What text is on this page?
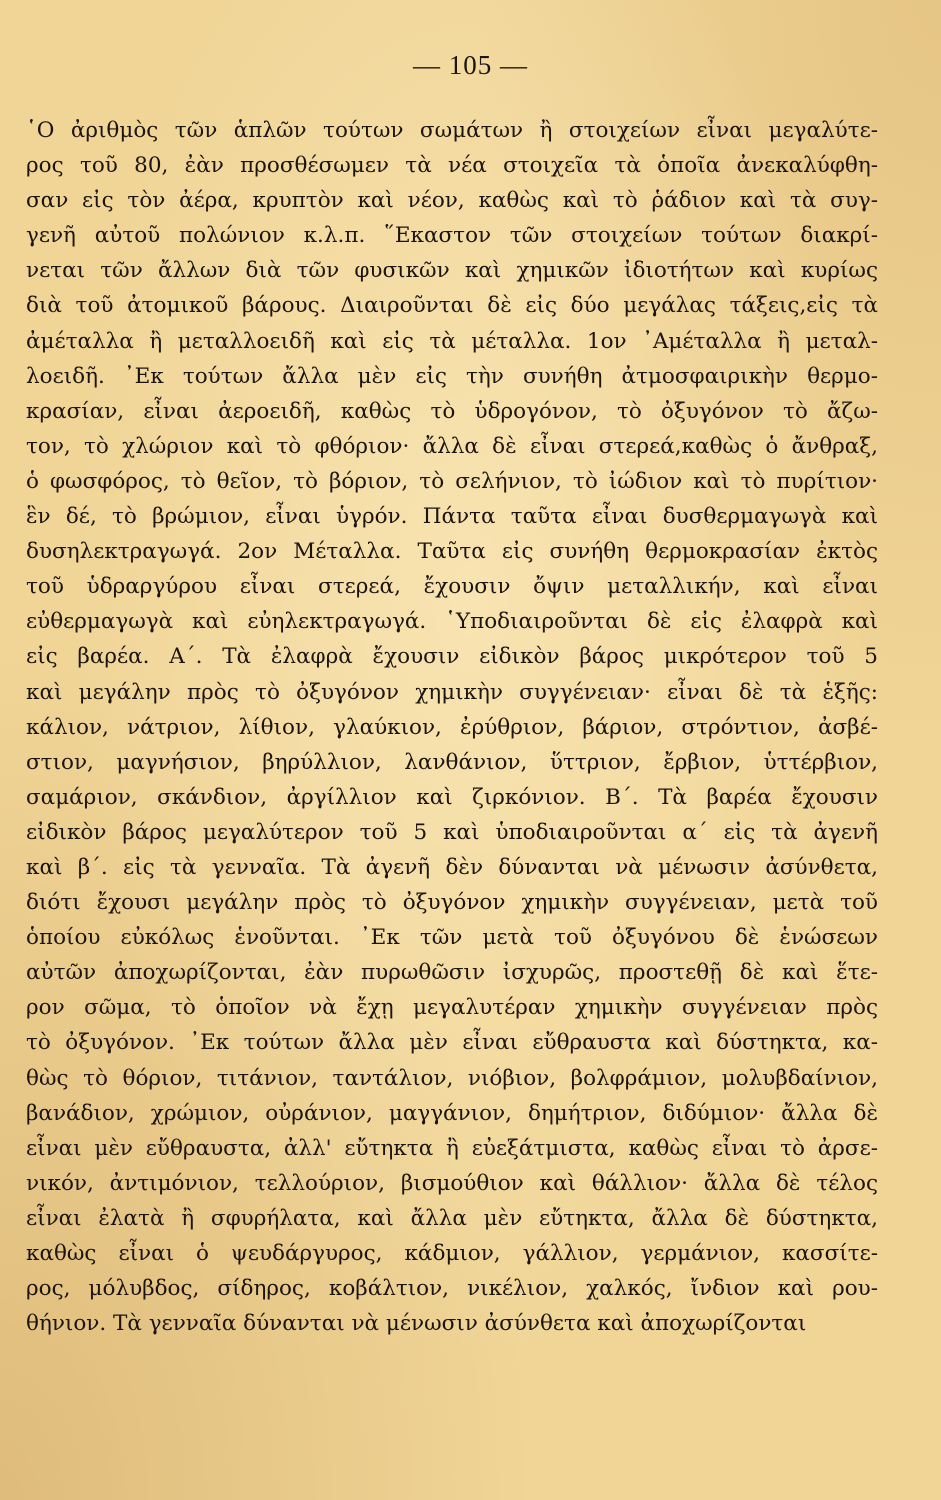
— 105 —
῾Ο ἀριθμὸς τῶν ἁπλῶν τούτων σωμάτων ἢ στοιχείων εἶναι μεγαλύτε-
ρος τοῦ 80, ἐὰν προσθέσωμεν τὰ νέα στοιχεῖα τὰ ὁποῖα ἀνεκαλύφθη-
σαν εἰς τὸν ἀέρα, κρυπτὸν καὶ νέον, καθὼς καὶ τὸ ῥάδιον καὶ τὰ συγ-
γενῆ αὐτοῦ πολώνιον κ.λ.π. ῞Εκαστον τῶν στοιχείων τούτων διακρί-
νεται τῶν ἄλλων διὰ τῶν φυσικῶν καὶ χημικῶν ἰδιοτήτων καὶ κυρίως
διὰ τοῦ ἀτομικοῦ βάρους. Διαιροῦνται δὲ εἰς δύο μεγάλας τάξεις,εἰς τὰ
ἀμέταλλα ἢ μεταλλοειδῆ καὶ εἰς τὰ μέταλλα. 1ον ᾿Αμέταλλα ἢ μεταλ-
λοειδῆ. ᾿Εκ τούτων ἄλλα μὲν εἰς τὴν συνήθη ἀτμοσφαιρικὴν θερμο-
κρασίαν, εἶναι ἀεροειδῆ, καθὼς τὸ ὑδρογόνον, τὸ ὀξυγόνον τὸ ἄζω-
τον, τὸ χλώριον καὶ τὸ φθόριον· ἄλλα δὲ εἶναι στερεά,καθὼς ὁ ἄνθραξ,
ὁ φωσφόρος, τὸ θεῖον, τὸ βόριον, τὸ σελήνιον, τὸ ἰώδιον καὶ τὸ πυρίτιον·
ἓν δέ, τὸ βρώμιον, εἶναι ὑγρόν. Πάντα ταῦτα εἶναι δυσθερμαγωγὰ καὶ
δυσηλεκτραγωγά. 2ον Μέταλλα. Ταῦτα εἰς συνήθη θερμοκρασίαν ἐκτὸς
τοῦ ὑδραργύρου εἶναι στερεά, ἔχουσιν ὄψιν μεταλλικήν, καὶ εἶναι
εὐθερμαγωγὰ καὶ εὐηλεκτραγωγά. ῾Υποδιαιροῦνται δὲ εἰς ἐλαφρὰ καὶ
εἰς βαρέα. Α΄. Τὰ ἐλαφρὰ ἔχουσιν εἰδικὸν βάρος μικρότερον τοῦ 5
καὶ μεγάλην πρὸς τὸ ὀξυγόνον χημικὴν συγγένειαν· εἶναι δὲ τὰ ἑξῆς:
κάλιον, νάτριον, λίθιον, γλαύκιον, ἐρύθριον, βάριον, στρόντιον, ἀσβέ-
στιον, μαγνήσιον, βηρύλλιον, λανθάνιον, ὕττριον, ἔρβιον, ὑττέρβιον,
σαμάριον, σκάνδιον, ἀργίλλιον καὶ ζιρκόνιον. Β΄. Τὰ βαρέα ἔχουσιν
εἰδικὸν βάρος μεγαλύτερον τοῦ 5 καὶ ὑποδιαιροῦνται α΄ εἰς τὰ ἀγενῆ
καὶ β΄. εἰς τὰ γενναῖα. Τὰ ἀγενῆ δὲν δύνανται νὰ μένωσιν ἀσύνθετα,
διότι ἔχουσι μεγάλην πρὸς τὸ ὀξυγόνον χημικὴν συγγένειαν, μετὰ τοῦ
ὁποίου εὐκόλως ἑνοῦνται. ᾿Εκ τῶν μετὰ τοῦ ὀξυγόνου δὲ ἑνώσεων
αὐτῶν ἀποχωρίζονται, ἐὰν πυρωθῶσιν ἰσχυρῶς, προστεθῇ δὲ καὶ ἕτε-
ρον σῶμα, τὸ ὁποῖον νὰ ἔχῃ μεγαλυτέραν χημικὴν συγγένειαν πρὸς
τὸ ὀξυγόνον. ᾿Εκ τούτων ἄλλα μὲν εἶναι εὔθραυστα καὶ δύστηκτα, κα-
θὼς τὸ θόριον, τιτάνιον, ταντάλιον, νιόβιον, βολφράμιον, μολυβδαίνιον,
βανάδιον, χρώμιον, οὐράνιον, μαγγάνιον, δημήτριον, διδύμιον· ἄλλα δὲ
εἶναι μὲν εὔθραυστα, ἀλλ' εὔτηκτα ἢ εὐεξάτμιστα, καθὼς εἶναι τὸ ἀρσε-
νικόν, ἀντιμόνιον, τελλούριον, βισμούθιον καὶ θάλλιον· ἄλλα δὲ τέλος
εἶναι ἐλατὰ ἢ σφυρήλατα, καὶ ἄλλα μὲν εὔτηκτα, ἄλλα δὲ δύστηκτα,
καθὼς εἶναι ὁ ψευδάργυρος, κάδμιον, γάλλιον, γερμάνιον, κασσίτε-
ρος, μόλυβδος, σίδηρος, κοβάλτιον, νικέλιον, χαλκός, ἴνδιον καὶ ρου-
θήνιον. Τὰ γενναῖα δύνανται νὰ μένωσιν ἀσύνθετα καὶ ἀποχωρίζονται
